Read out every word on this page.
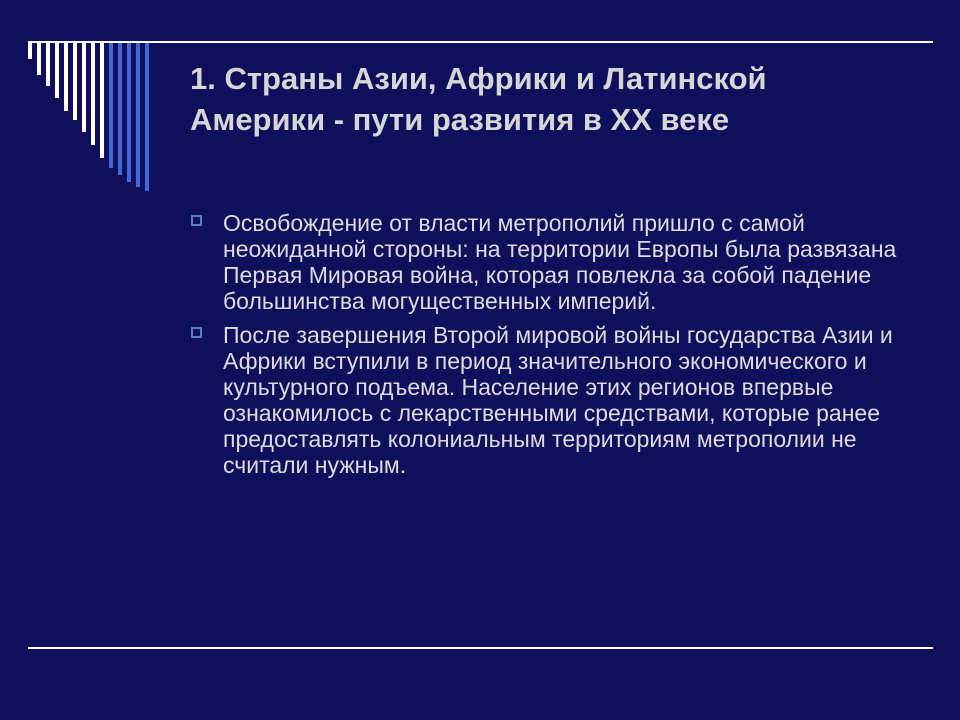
1. Страны Азии, Африки и Латинской Америки - пути развития в XX веке
Освобождение от власти метрополий пришло с самой неожиданной стороны: на территории Европы была развязана Первая Мировая война, которая повлекла за собой падение большинства могущественных империй.
После завершения Второй мировой войны государства Азии и Африки вступили в период значительного экономического и культурного подъема. Население этих регионов впервые ознакомилось с лекарственными средствами, которые ранее предоставлять колониальным территориям метрополии не считали нужным.
